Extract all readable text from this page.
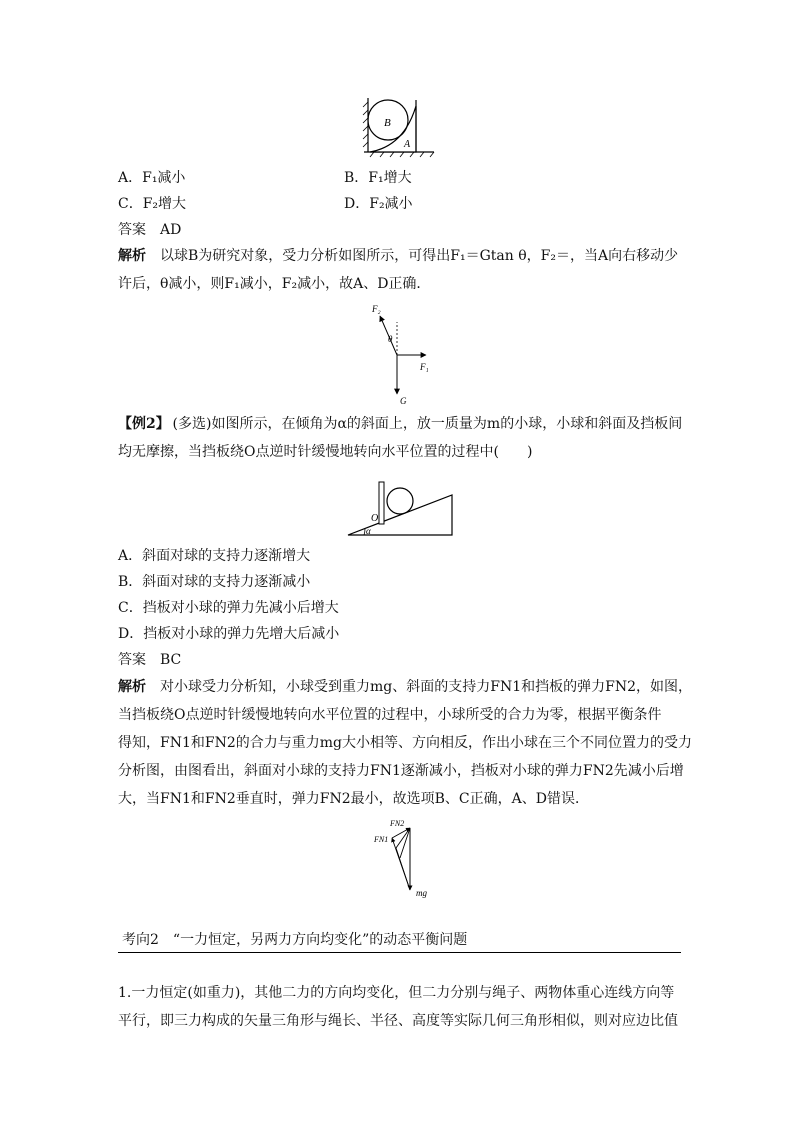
B
A
A．F₁减小	B．F₁增大
C．F₂增大	D．F₂减小
答案　 AD
解析　 以球B为研究对象，受力分析如图所示，可得出F₁＝Gtan θ，F₂＝，当A向右移动少
许后，θ减小，则F₁减小，F₂减小，故A、D正确．
F₂
θ
F₁
G
【例2】  (多选)如图所示，在倾角为α的斜面上，放一质量为m的小球，小球和斜面及挡板间
均无摩擦，当挡板绕O点逆时针缓慢地转向水平位置的过程中(　　)
O
α
A．斜面对球的支持力逐渐增大
B．斜面对球的支持力逐渐减小
C．挡板对小球的弹力先减小后增大
D．挡板对小球的弹力先增大后减小
答案　 BC
解析　 对小球受力分析知，小球受到重力mg、斜面的支持力FN1和挡板的弹力FN2，如图，
当挡板绕O点逆时针缓慢地转向水平位置的过程中，小球所受的合力为零，根据平衡条件
得知，FN1和FN2的合力与重力mg大小相等、方向相反，作出小球在三个不同位置力的受力
分析图，由图看出，斜面对小球的支持力FN1逐渐减小，挡板对小球的弹力FN2先减小后增
大，当FN1和FN2垂直时，弹力FN2最小，故选项B、C正确，A、D错误．
FN2
FN1
mg
考向2　“一力恒定，另两力方向均变化”的动态平衡问题
1.一力恒定(如重力)，其他二力的方向均变化，但二力分别与绳子、两物体重心连线方向等
平行，即三力构成的矢量三角形与绳长、半径、高度等实际几何三角形相似，则对应边比值
